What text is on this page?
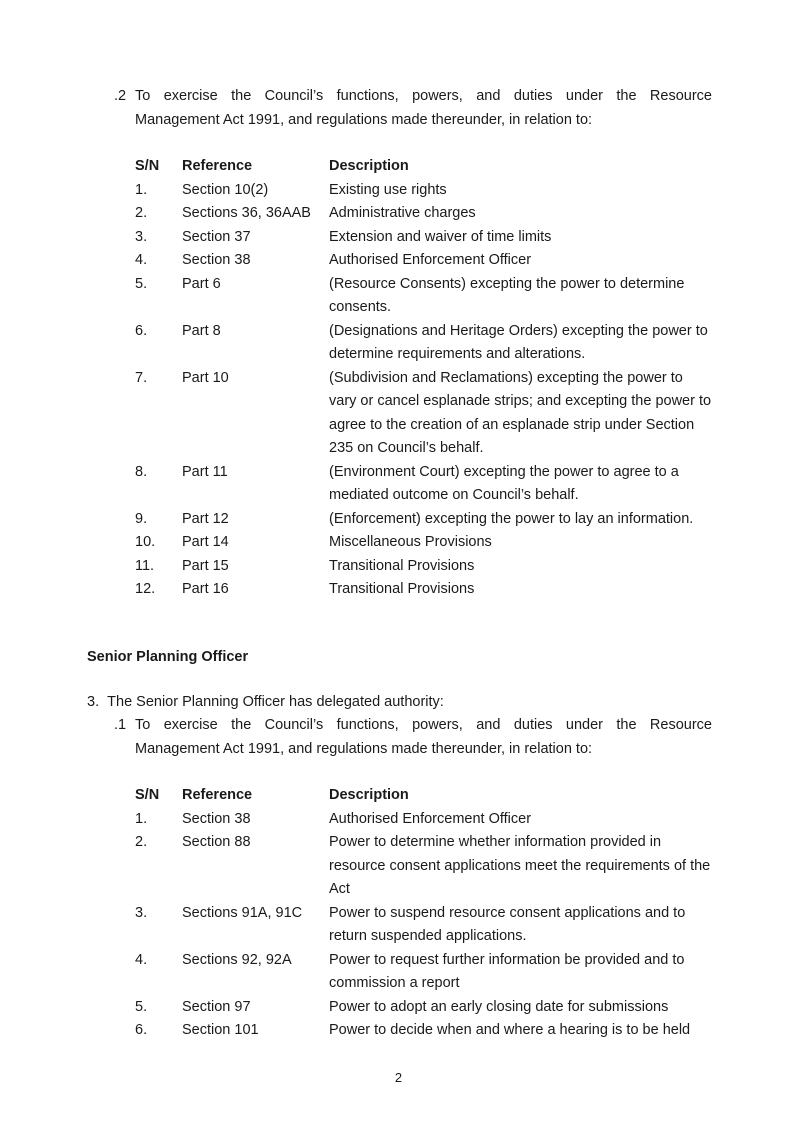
.2 To exercise the Council’s functions, powers, and duties under the Resource
Management Act 1991, and regulations made thereunder, in relation to:
S/N	Reference	Description
1.	Section 10(2)	Existing use rights
2.	Sections 36, 36AAB	Administrative charges
3.	Section 37	Extension and waiver of time limits
4.	Section 38	Authorised Enforcement Officer
5.	Part 6	(Resource Consents) excepting the power to determine consents.
6.	Part 8	(Designations and Heritage Orders) excepting the power to determine requirements and alterations.
7.	Part 10	(Subdivision and Reclamations) excepting the power to vary or cancel esplanade strips; and excepting the power to agree to the creation of an esplanade strip under Section 235 on Council’s behalf.
8.	Part 11	(Environment Court) excepting the power to agree to a mediated outcome on Council’s behalf.
9.	Part 12	(Enforcement) excepting the power to lay an information.
10.	Part 14	Miscellaneous Provisions
11.	Part 15	Transitional Provisions
12.	Part 16	Transitional Provisions
Senior Planning Officer
3.  The Senior Planning Officer has delegated authority:
.1 To exercise the Council’s functions, powers, and duties under the Resource
Management Act 1991, and regulations made thereunder, in relation to:
S/N	Reference	Description
1.	Section 38	Authorised Enforcement Officer
2.	Section 88	Power to determine whether information provided in resource consent applications meet the requirements of the Act
3.	Sections 91A, 91C	Power to suspend resource consent applications and to return suspended applications.
4.	Sections 92, 92A	Power to request further information be provided and to commission a report
5.	Section 97	Power to adopt an early closing date for submissions
6.	Section 101	Power to decide when and where a hearing is to be held
2
